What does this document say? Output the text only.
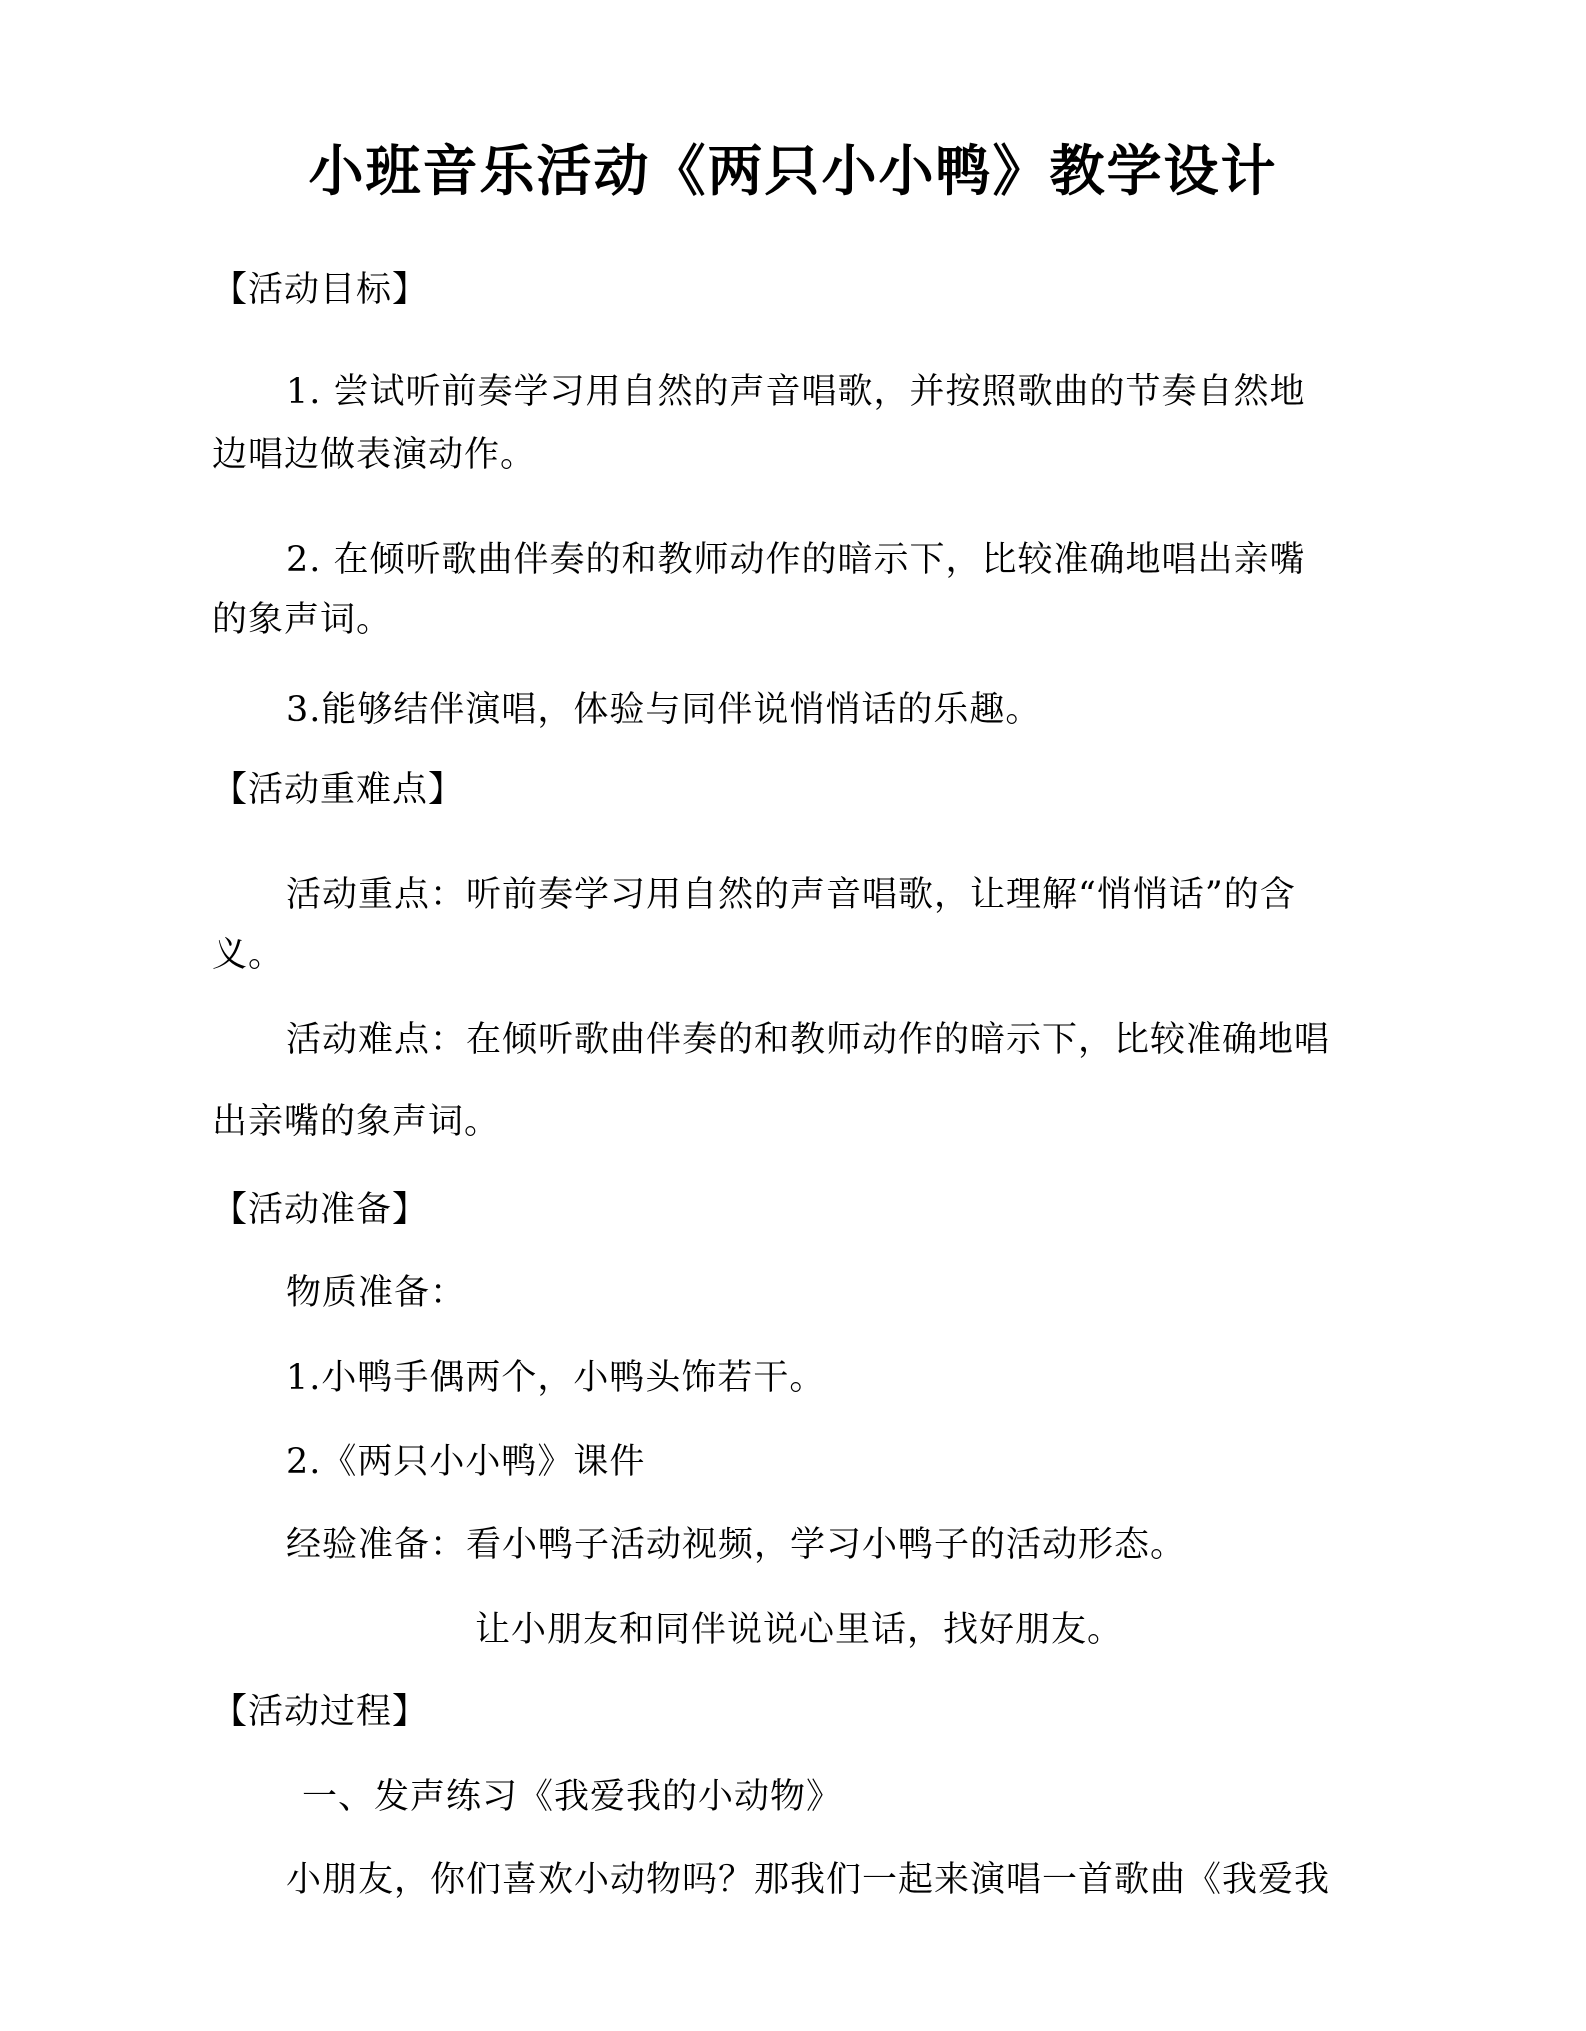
小班音乐活动《两只小小鸭》教学设计
【活动目标】
1. 尝试听前奏学习用自然的声音唱歌，并按照歌曲的节奏自然地
边唱边做表演动作。
2. 在倾听歌曲伴奏的和教师动作的暗示下，比较准确地唱出亲嘴
的象声词。
3.能够结伴演唱，体验与同伴说悄悄话的乐趣。
【活动重难点】
活动重点：听前奏学习用自然的声音唱歌，让理解“悄悄话”的含
义。
活动难点：在倾听歌曲伴奏的和教师动作的暗示下，比较准确地唱
出亲嘴的象声词。
【活动准备】
物质准备：
1.小鸭手偶两个，小鸭头饰若干。
2.《两只小小鸭》课件
经验准备：看小鸭子活动视频，学习小鸭子的活动形态。
让小朋友和同伴说说心里话，找好朋友。
【活动过程】
一、发声练习《我爱我的小动物》
小朋友，你们喜欢小动物吗？那我们一起来演唱一首歌曲《我爱我
